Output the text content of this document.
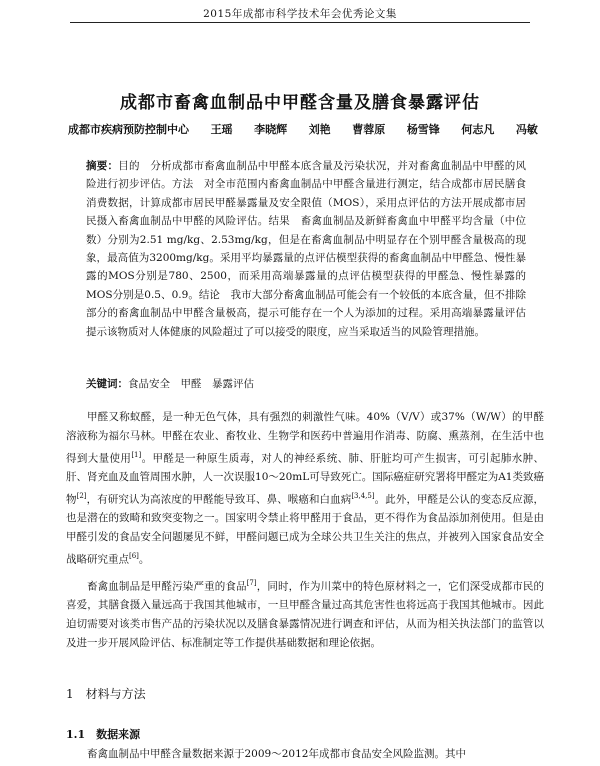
2015年成都市科学技术年会优秀论文集
成都市畜禽血制品中甲醛含量及膳食暴露评估
成都市疾病预防控制中心 王瑶 李晓辉 刘艳 曹蓉原 杨雪锋 何志凡 冯敏
摘要：目的　分析成都市畜禽血制品中甲醛本底含量及污染状况，并对畜禽血制品中甲醛的风险进行初步评估。方法　对全市范围内畜禽血制品中甲醛含量进行测定，结合成都市居民膳食消费数据，计算成都市居民甲醛暴露量及安全限值（MOS），采用点评估的方法开展成都市居民摄入畜禽血制品中甲醛的风险评估。结果　畜禽血制品及新鲜畜禽血中甲醛平均含量（中位数）分别为2.51 mg/kg、2.53mg/kg，但是在畜禽血制品中明显存在个别甲醛含量极高的现象，最高值为3200mg/kg。采用平均暴露量的点评估模型获得的畜禽血制品中甲醛急、慢性暴露的MOS分别是780、2500，而采用高端暴露量的点评估模型获得的甲醛急、慢性暴露的MOS分别是0.5、0.9。结论　我市大部分畜禽血制品可能会有一个较低的本底含量，但不排除部分的畜禽血制品中甲醛含量极高，提示可能存在一个人为添加的过程。采用高端暴露量评估提示该物质对人体健康的风险超过了可以接受的限度，应当采取适当的风险管理措施。
关键词：食品安全　甲醛　暴露评估

甲醛又称蚁醛，是一种无色气体，具有强烈的刺激性气味。40%（V/V）或37%（W/W）的甲醛溶液称为福尔马林。甲醛在农业、畜牧业、生物学和医药中普遍用作消毒、防腐、熏蒸剂，在生活中也得到大量使用[1]。甲醛是一种原生质毒，对人的神经系统、肺、肝脏均可产生损害，可引起肺水肿、肝、肾充血及血管周围水肿，人一次误服10～20mL可导致死亡。国际癌症研究署将甲醛定为A1类致癌物[2]，有研究认为高浓度的甲醛能导致耳、鼻、喉癌和白血病[3,4,5]。此外，甲醛是公认的变态反应源，也是潜在的致畸和致突变物之一。国家明令禁止将甲醛用于食品，更不得作为食品添加剂使用。但是由甲醛引发的食品安全问题屡见不鲜，甲醛问题已成为全球公共卫生关注的焦点，并被列入国家食品安全战略研究重点[6]。

畜禽血制品是甲醛污染严重的食品[7]，同时，作为川菜中的特色原材料之一，它们深受成都市民的喜爱，其膳食摄入量远高于我国其他城市，一旦甲醛含量过高其危害性也将远高于我国其他城市。因此迫切需要对该类市售产品的污染状况以及膳食暴露情况进行调查和评估，从而为相关执法部门的监管以及进一步开展风险评估、标准制定等工作提供基础数据和理论依据。

1　材料与方法
1.1　数据来源
畜禽血制品中甲醛含量数据来源于2009～2012年成都市食品安全风险监测。其中
